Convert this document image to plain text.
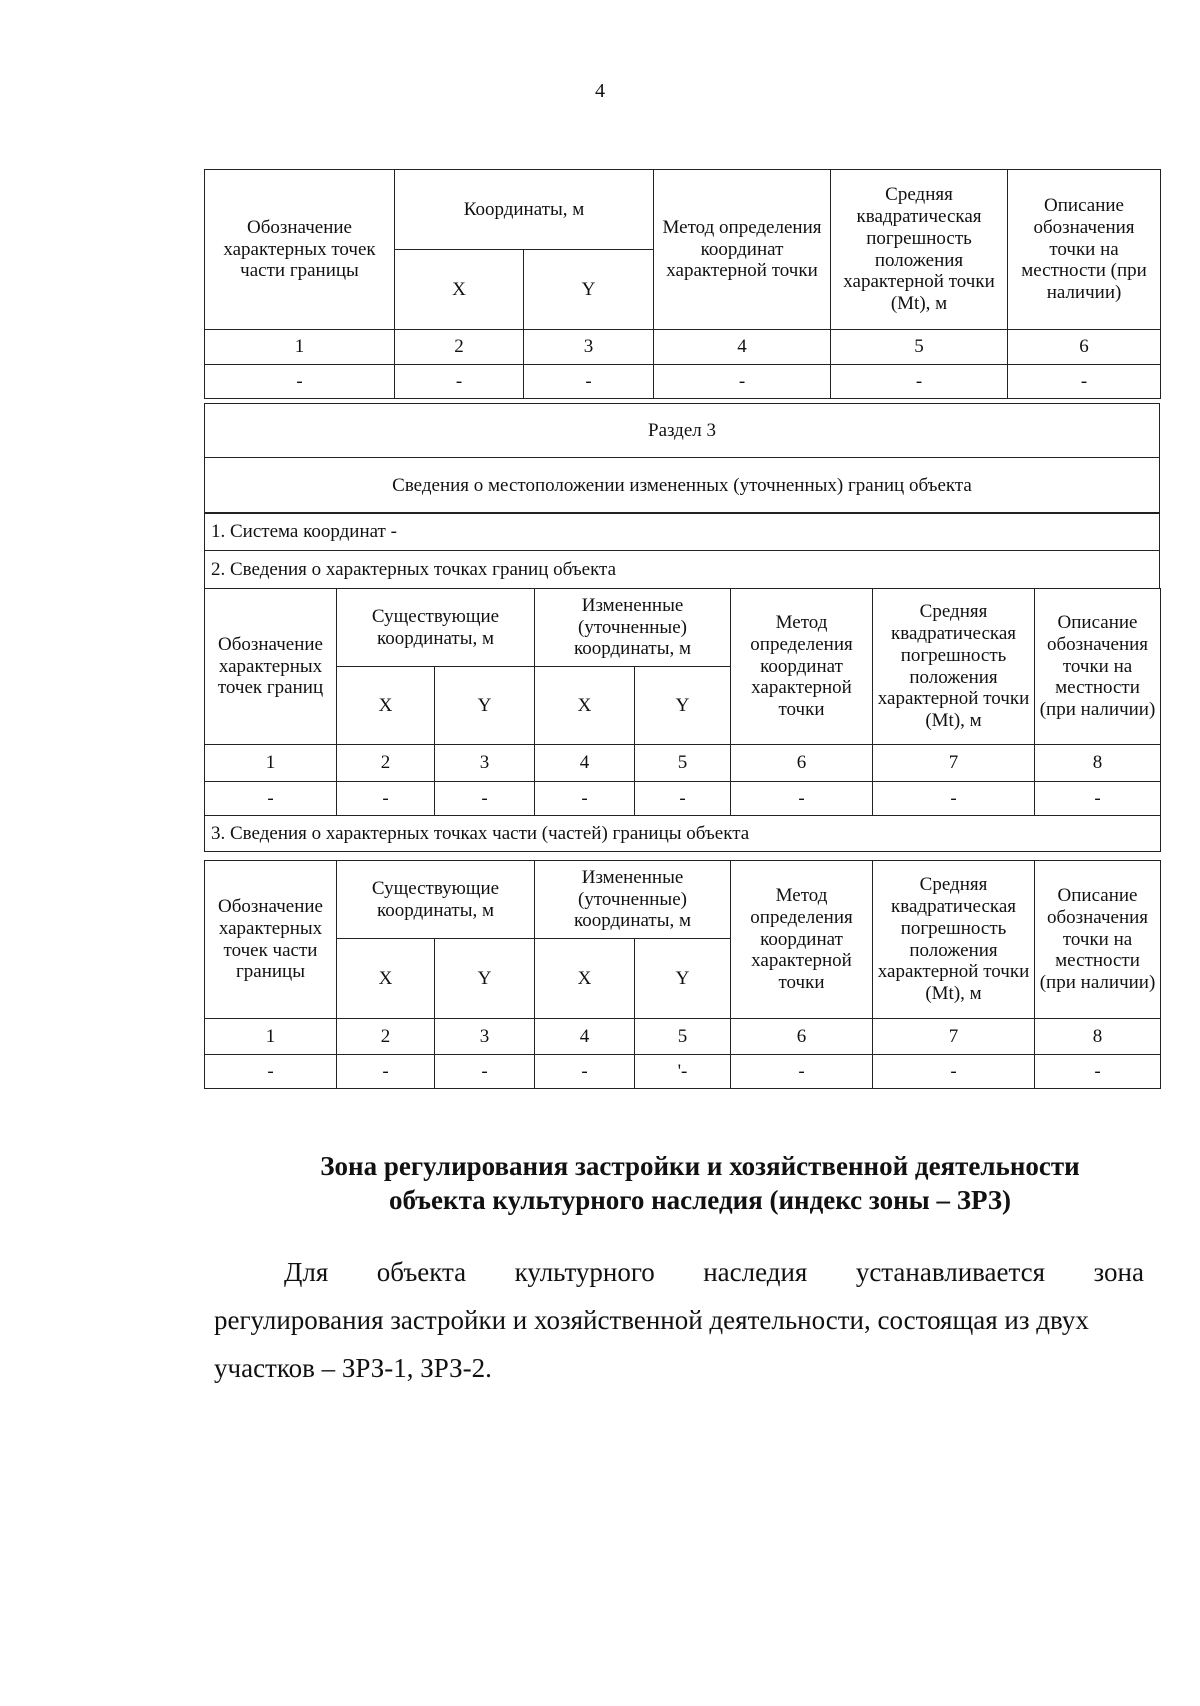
4
Обозначение характерных точек части границы	Координаты, м		Метод определения координат характерной точки	Средняя квадратическая погрешность положения характерной точки (Mt), м	Описание обозначения точки на местности (при наличии)
	X	Y			
1	2	3	4	5	6
-	-	-	-	-	-
Раздел 3
Сведения о местоположении измененных (уточненных) границ объекта
1. Система координат -
2. Сведения о характерных точках границ объекта
Обозначение характерных точек границ	Существующие координаты, м		Измененные (уточненные) координаты, м		Метод определения координат характерной точки	Средняя квадратическая погрешность положения характерной точки (Mt), м	Описание обозначения точки на местности (при наличии)
	X	Y	X	Y			
1	2	3	4	5	6	7	8
-	-	-	-	-	-	-	-
3. Сведения о характерных точках части (частей) границы объекта							
Обозначение характерных точек части границы	Существующие координаты, м		Измененные (уточненные) координаты, м		Метод определения координат характерной точки	Средняя квадратическая погрешность положения характерной точки (Mt), м	Описание обозначения точки на местности (при наличии)
	X	Y	X	Y			
1	2	3	4	5	6	7	8
-	-	-	-	'-	-	-	-
Зона регулирования застройки и хозяйственной деятельности
объекта культурного наследия (индекс зоны – ЗРЗ)
Для объекта культурного наследия устанавливается зона
регулирования застройки и хозяйственной деятельности, состоящая из двух
участков – ЗРЗ-1, ЗРЗ-2.
